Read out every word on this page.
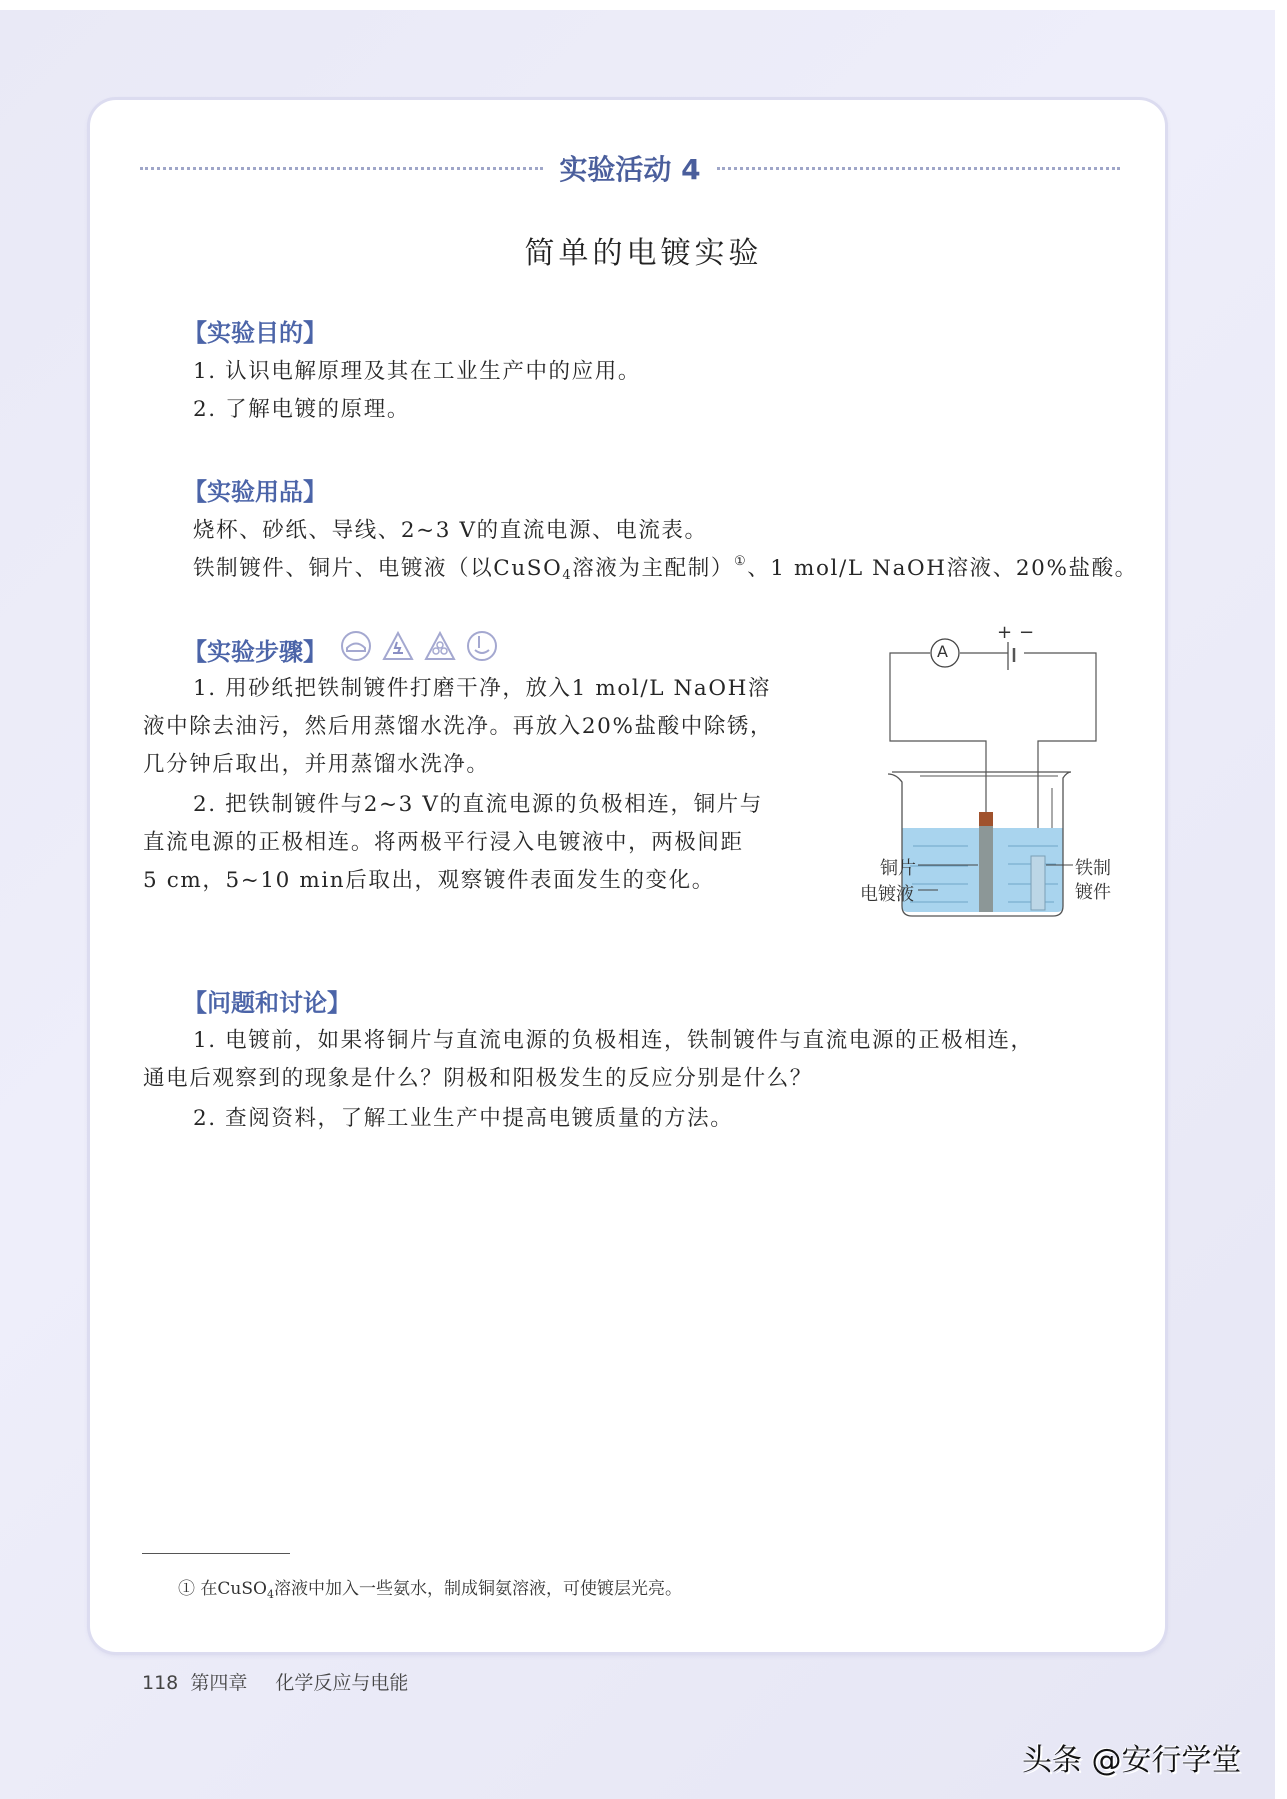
实验活动 4
简单的电镀实验
【实验目的】
1. 认识电解原理及其在工业生产中的应用。
2. 了解电镀的原理。
【实验用品】
烧杯、砂纸、导线、2~3 V的直流电源、电流表。
铁制镀件、铜片、电镀液（以CuSO$_4$溶液为主配制）①、1 mol/L NaOH溶液、20%盐酸。
【实验步骤】
1. 用砂纸把铁制镀件打磨干净，放入1 mol/L NaOH溶
液中除去油污，然后用蒸馏水洗净。再放入20%盐酸中除锈，
几分钟后取出，并用蒸馏水洗净。
2. 把铁制镀件与2~3 V的直流电源的负极相连，铜片与
直流电源的正极相连。将两极平行浸入电镀液中，两极间距
5 cm，5~10 min后取出，观察镀件表面发生的变化。
A
+ −
铜片
电镀液
铁制
镀件
【问题和讨论】
1. 电镀前，如果将铜片与直流电源的负极相连，铁制镀件与直流电源的正极相连，
通电后观察到的现象是什么？阴极和阳极发生的反应分别是什么？
2. 查阅资料，了解工业生产中提高电镀质量的方法。
① 在CuSO$_4$溶液中加入一些氨水，制成铜氨溶液，可使镀层光亮。
118 第四章 化学反应与电能
头条 @安行学堂
